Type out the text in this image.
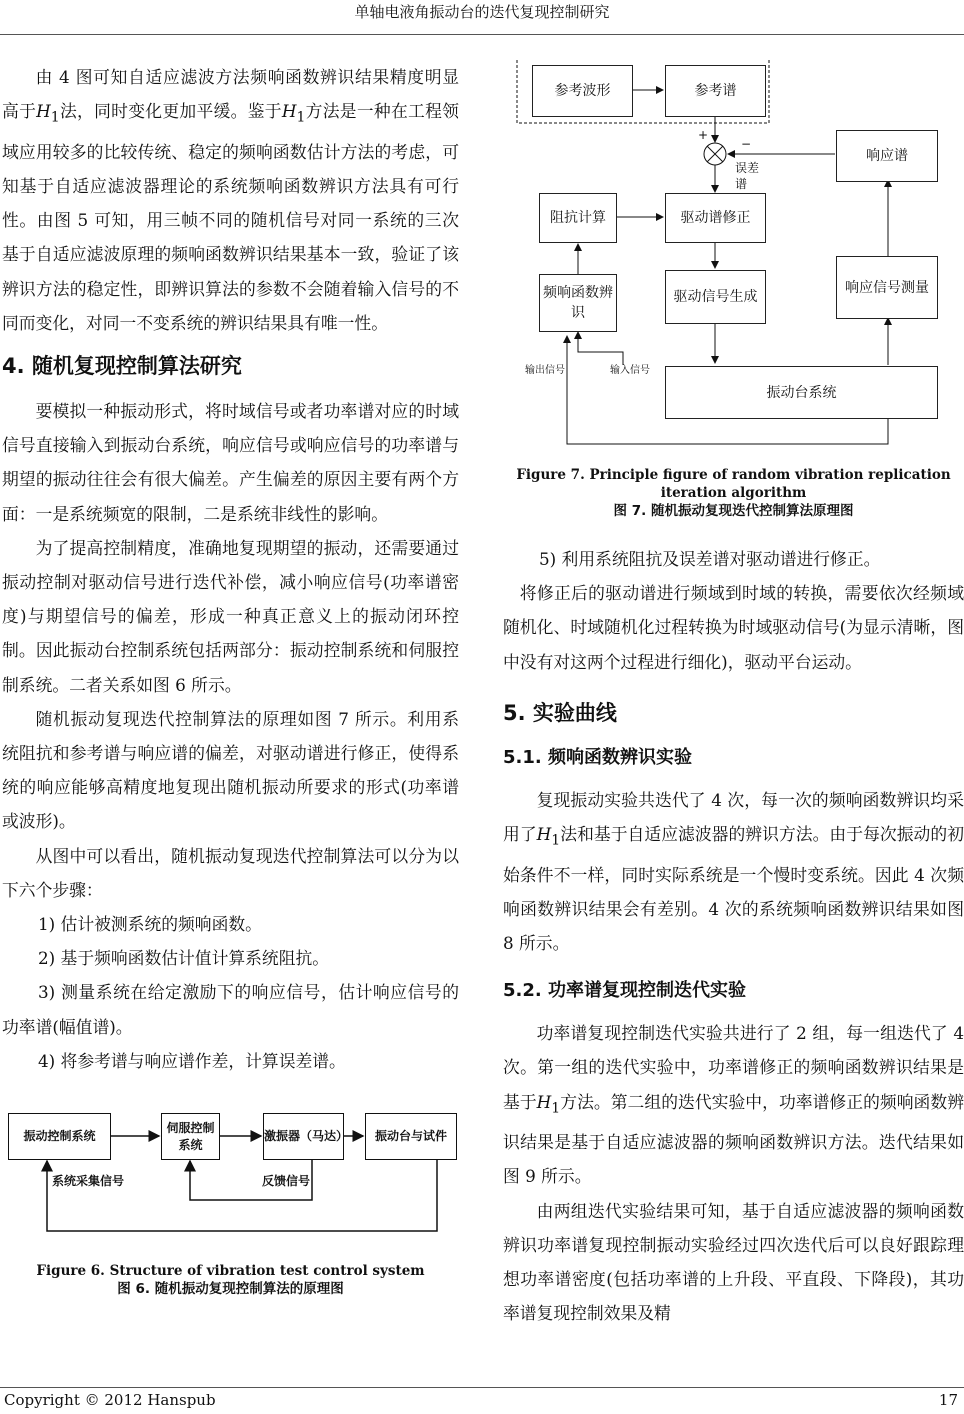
单轴电液角振动台的迭代复现控制研究

由 4 图可知自适应滤波方法频响函数辨识结果精度明显高于$H_1$法，同时变化更加平缓。鉴于$H_1$方法是一种在工程领域应用较多的比较传统、稳定的频响函数估计方法的考虑，可知基于自适应滤波器理论的系统频响函数辨识方法具有可行性。由图 5 可知，用三帧不同的随机信号对同一系统的三次基于自适应滤波原理的频响函数辨识结果基本一致，验证了该辨识方法的稳定性，即辨识算法的参数不会随着输入信号的不同而变化，对同一不变系统的辨识结果具有唯一性。

4. 随机复现控制算法研究

要模拟一种振动形式，将时域信号或者功率谱对应的时域信号直接输入到振动台系统，响应信号或响应信号的功率谱与期望的振动往往会有很大偏差。产生偏差的原因主要有两个方面：一是系统频宽的限制，二是系统非线性的影响。

为了提高控制精度，准确地复现期望的振动，还需要通过振动控制对驱动信号进行迭代补偿，减小响应信号(功率谱密度)与期望信号的偏差，形成一种真正意义上的振动闭环控制。因此振动台控制系统包括两部分：振动控制系统和伺服控制系统。二者关系如图 6 所示。

随机振动复现迭代控制算法的原理如图 7 所示。利用系统阻抗和参考谱与响应谱的偏差，对驱动谱进行修正，使得系统的响应能够高精度地复现出随机振动所要求的形式(功率谱或波形)。

从图中可以看出，随机振动复现迭代控制算法可以分为以下六个步骤：

1) 估计被测系统的频响函数。

2) 基于频响函数估计值计算系统阻抗。

3) 测量系统在给定激励下的响应信号，估计响应信号的功率谱(幅值谱)。

4) 将参考谱与响应谱作差，计算误差谱。

振动控制系统
伺服控制系统
激振器（马达）	振动台与试件
系统采集信号	反馈信号
Figure 6. Structure of vibration test control system
图 6. 随机振动复现控制算法的原理图
参考波形	参考谱
响应谱
+
−
误差谱
阻抗计算	驱动谱修正
频响函数辨识
驱动信号生成
响应信号测量
输出信号	输入信号
振动台系统
Figure 7. Principle figure of random vibration replication iteration algorithm
图 7. 随机振动复现迭代控制算法原理图

5) 利用系统阻抗及误差谱对驱动谱进行修正。

将修正后的驱动谱进行频域到时域的转换，需要依次经频域随机化、时域随机化过程转换为时域驱动信号(为显示清晰，图中没有对这两个过程进行细化)，驱动平台运动。

5. 实验曲线
5.1. 频响函数辨识实验

复现振动实验共迭代了 4 次，每一次的频响函数辨识均采用了$H_1$法和基于自适应滤波器的辨识方法。由于每次振动的初始条件不一样，同时实际系统是一个慢时变系统。因此 4 次频响函数辨识结果会有差别。4 次的系统频响函数辨识结果如图 8 所示。

5.2. 功率谱复现控制迭代实验

功率谱复现控制迭代实验共进行了 2 组，每一组迭代了 4 次。第一组的迭代实验中，功率谱修正的频响函数辨识结果是基于$H_1$方法。第二组的迭代实验中，功率谱修正的频响函数辨识结果是基于自适应滤波器的频响函数辨识方法。迭代结果如图 9 所示。

由两组迭代实验结果可知，基于自适应滤波器的频响函数辨识功率谱复现控制振动实验经过四次迭代后可以良好跟踪理想功率谱密度(包括功率谱的上升段、平直段、下降段)，其功率谱复现控制效果及精

Copyright © 2012 Hanspub	17
